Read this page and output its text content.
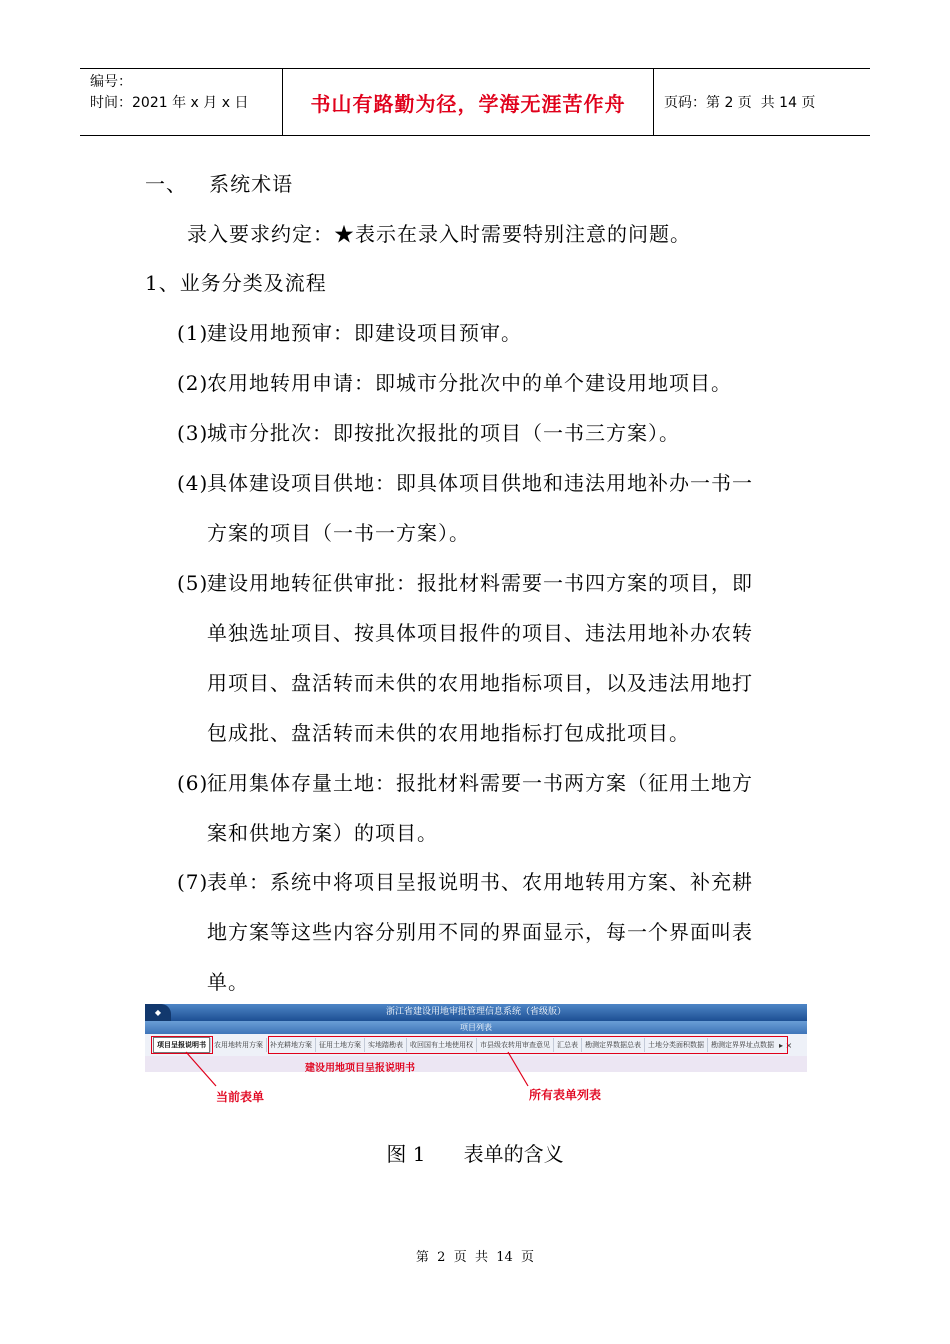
编号：
时间：2021 年 x 月 x 日	书山有路勤为径，学海无涯苦作舟	页码：第 2 页  共 14 页
一、   系统术语
录入要求约定：★表示在录入时需要特别注意的问题。
1、业务分类及流程
(1)建设用地预审：即建设项目预审。
(2)农用地转用申请：即城市分批次中的单个建设用地项目。
(3)城市分批次：即按批次报批的项目（一书三方案）。
(4)具体建设项目供地：即具体项目供地和违法用地补办一书一
方案的项目（一书一方案）。
(5)建设用地转征供审批：报批材料需要一书四方案的项目，即
单独选址项目、按具体项目报件的项目、违法用地补办农转
用项目、盘活转而未供的农用地指标项目，以及违法用地打
包成批、盘活转而未供的农用地指标打包成批项目。
(6)征用集体存量土地：报批材料需要一书两方案（征用土地方
案和供地方案）的项目。
(7)表单：系统中将项目呈报说明书、农用地转用方案、补充耕
地方案等这些内容分别用不同的界面显示，每一个界面叫表
单。
浙江省建设用地审批管理信息系统（省级版）
◆
项目列表
项目呈报说明书	农用地转用方案	补充耕地方案	征用土地方案	实地踏勘表	收回国有土地使用权	市县级农转用审查意见	汇总表	勘测定界数据总表	土地分类面积数据	勘测定界界址点数据 ▸ ×
建设用地项目呈报说明书
当前表单	所有表单列表
图 1      表单的含义
第  2  页  共  14  页
